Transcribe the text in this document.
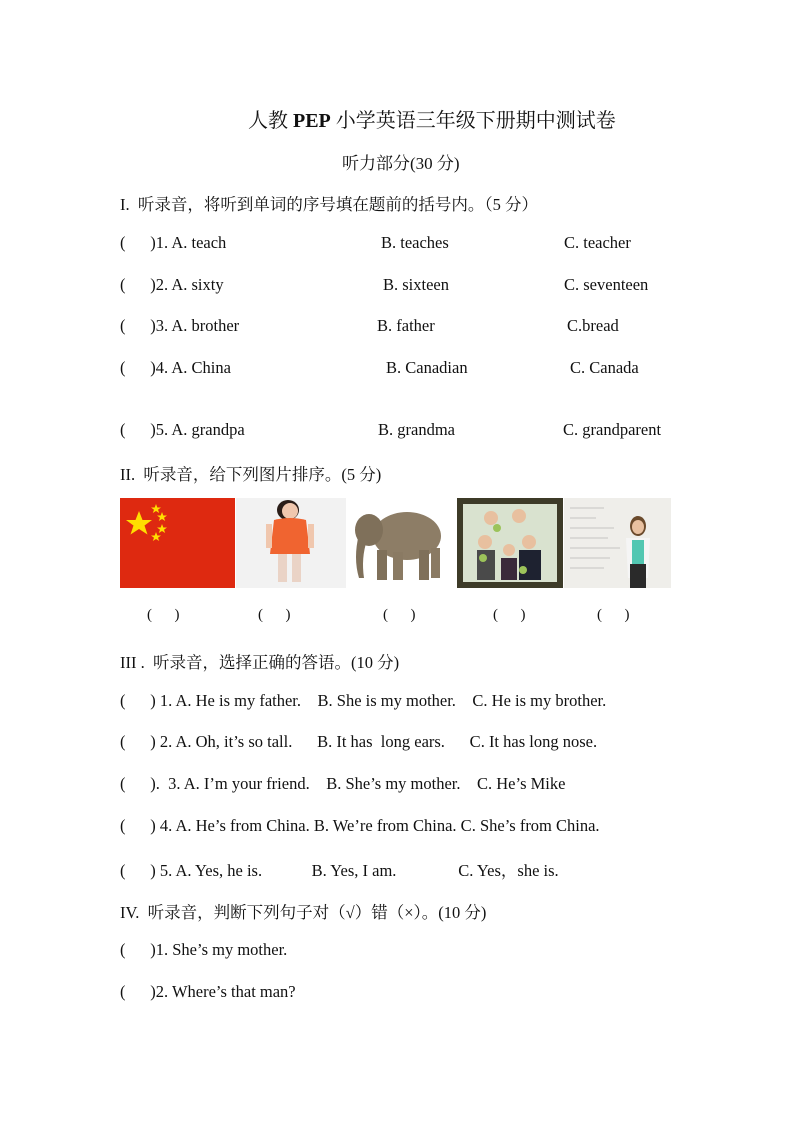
人教 PEP 小学英语三年级下册期中测试卷
听力部分(30 分)
I.  听录音，将听到单词的序号填在题前的括号内。（5 分）
(      )1. A. teach	B. teaches	C. teacher
(      )2. A. sixty	B. sixteen	C. seventeen
(      )3. A. brother	B. father	C.bread
(      )4. A. China	B. Canadian	C. Canada
(      )5. A. grandpa	B. grandma	C. grandparent
II.  听录音，给下列图片排序。(5 分)
(      )	(      )	(      )	(      )	(      )
III .  听录音，选择正确的答语。(10 分)
(      ) 1. A. He is my father.    B. She is my mother.    C. He is my brother.
(      ) 2. A. Oh, it’s so tall.      B. It has  long ears.      C. It has long nose.
(      ).  3. A. I’m your friend.    B. She’s my mother.    C. He’s Mike
(      ) 4. A. He’s from China. B. We’re from China. C. She’s from China.
(      ) 5. A. Yes, he is.            B. Yes, I am.               C. Yes，she is.
IV.  听录音，判断下列句子对（√）错（×）。(10 分)
(      )1. She’s my mother.
(      )2. Where’s that man?
